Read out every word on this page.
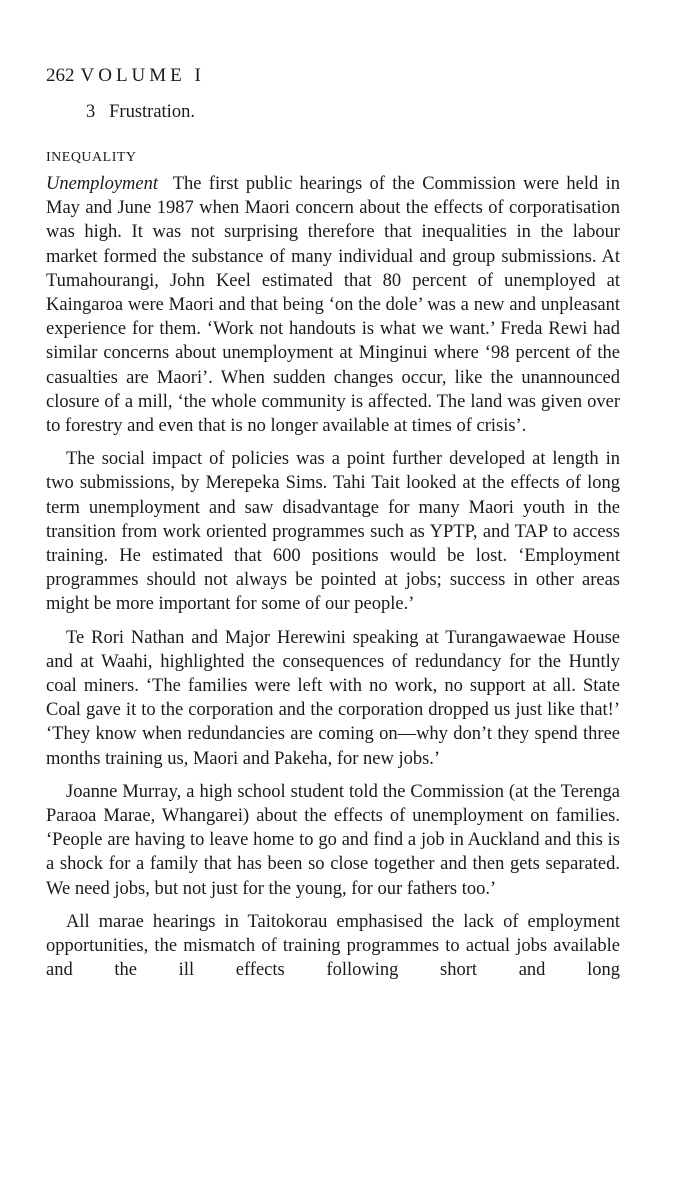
262 VOLUME I
3   Frustration.
INEQUALITY

Unemployment The first public hearings of the Commission were held in May and June 1987 when Maori concern about the effects of corporatisation was high. It was not surprising therefore that inequalities in the labour market formed the substance of many individual and group submissions. At Tumahourangi, John Keel estimated that 80 percent of unemployed at Kaingaroa were Maori and that being ‘on the dole’ was a new and unpleasant experience for them. ‘Work not handouts is what we want.’ Freda Rewi had similar concerns about unemployment at Minginui where ‘98 percent of the casualties are Maori’. When sudden changes occur, like the unannounced closure of a mill, ‘the whole community is affected. The land was given over to forestry and even that is no longer available at times of crisis’.

The social impact of policies was a point further developed at length in two submissions, by Merepeka Sims. Tahi Tait looked at the effects of long term unemployment and saw disadvantage for many Maori youth in the transition from work oriented programmes such as YPTP, and TAP to access training. He estimated that 600 positions would be lost. ‘Employment programmes should not always be pointed at jobs; success in other areas might be more important for some of our people.’

Te Rori Nathan and Major Herewini speaking at Turangawaewae House and at Waahi, highlighted the consequences of redundancy for the Huntly coal miners. ‘The families were left with no work, no support at all. State Coal gave it to the corporation and the corporation dropped us just like that!’ ‘They know when redundancies are coming on—why don’t they spend three months training us, Maori and Pakeha, for new jobs.’

Joanne Murray, a high school student told the Commission (at the Terenga Paraoa Marae, Whangarei) about the effects of unemployment on families. ‘People are having to leave home to go and find a job in Auckland and this is a shock for a family that has been so close together and then gets separated. We need jobs, but not just for the young, for our fathers too.’

All marae hearings in Taitokorau emphasised the lack of employment opportunities, the mismatch of training programmes to actual jobs available and the ill effects following short and long
